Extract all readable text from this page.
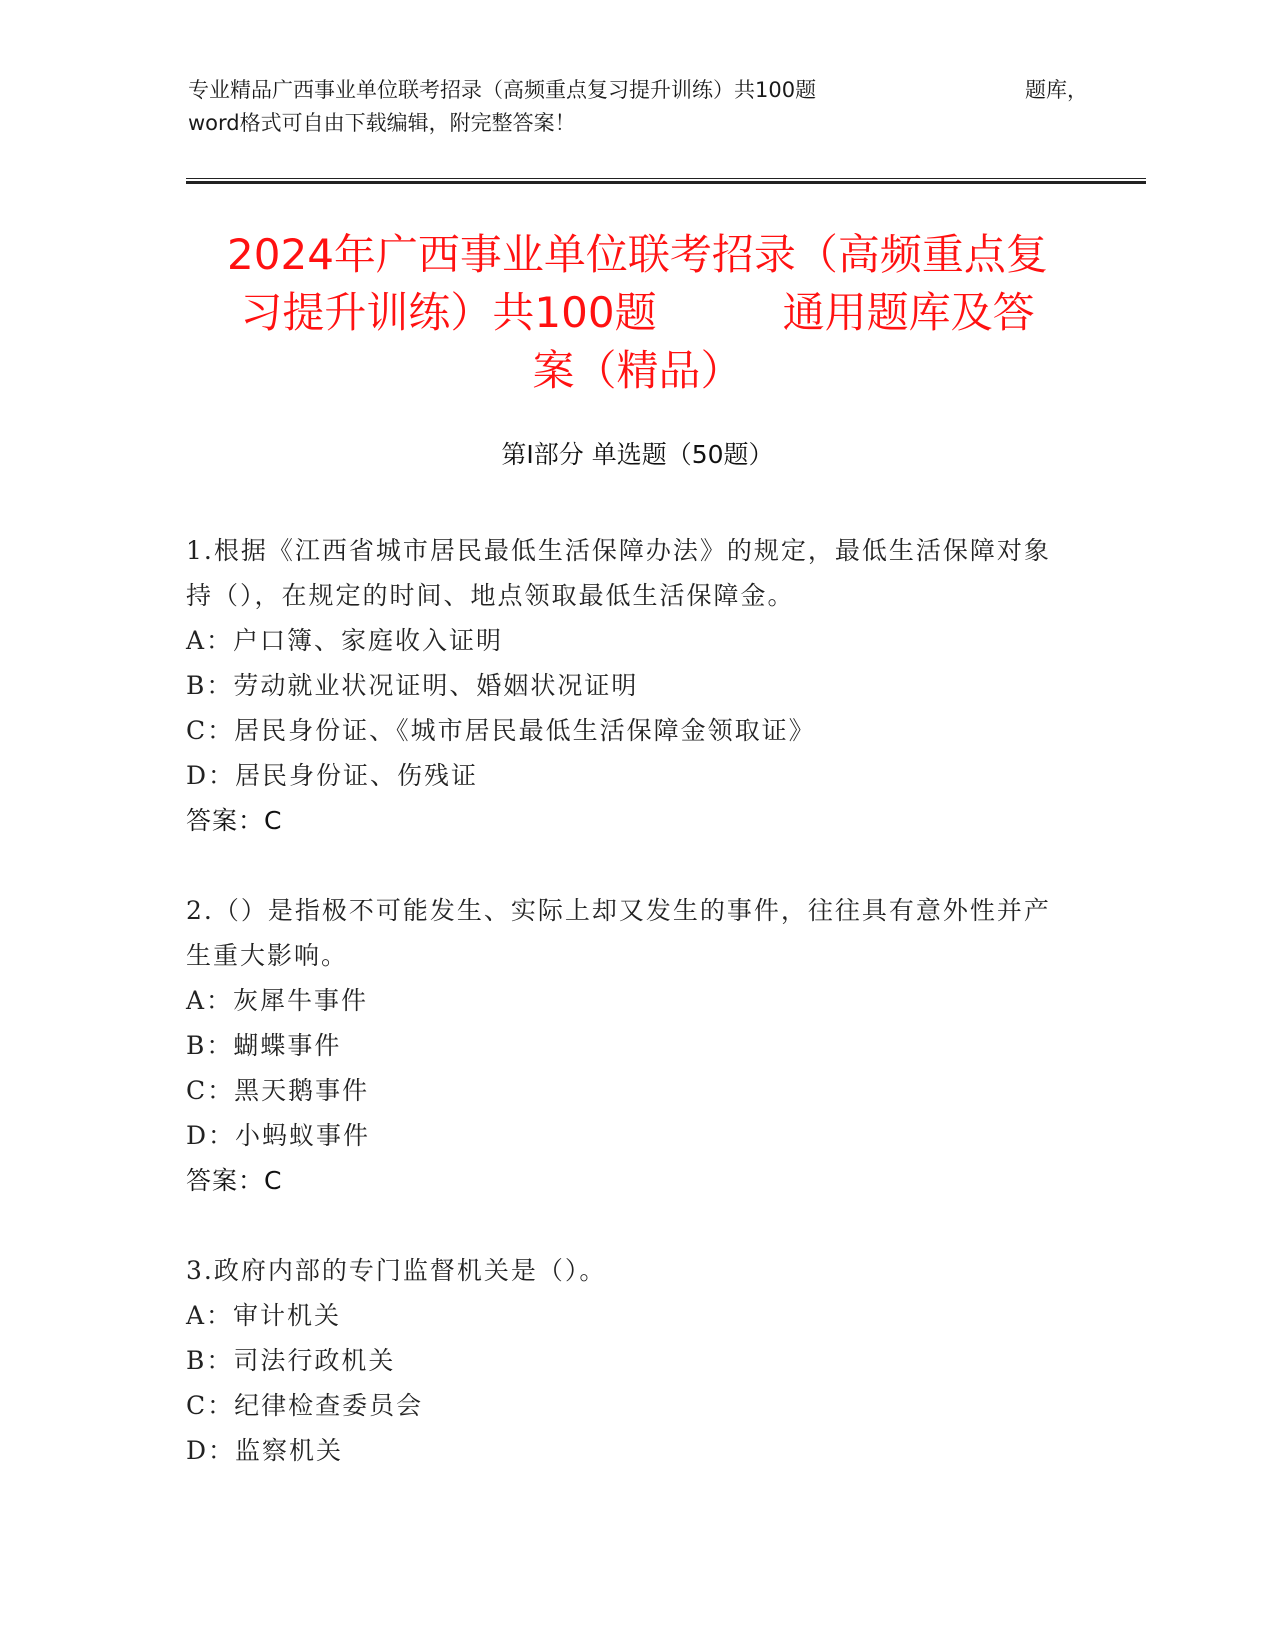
专业精品广西事业单位联考招录（高频重点复习提升训练）共100题	题库，
word格式可自由下载编辑，附完整答案！
2024年广西事业单位联考招录（高频重点复
习提升训练）共100题　　　通用题库及答
案（精品）
第Ⅰ部分 单选题（50题）
1.根据《江西省城市居民最低生活保障办法》的规定，最低生活保障对象持（），在规定的时间、地点领取最低生活保障金。
A：户口簿、家庭收入证明
B：劳动就业状况证明、婚姻状况证明
C：居民身份证、《城市居民最低生活保障金领取证》
D：居民身份证、伤残证
答案：C
2.（）是指极不可能发生、实际上却又发生的事件，往往具有意外性并产生重大影响。
A：灰犀牛事件
B：蝴蝶事件
C：黑天鹅事件
D：小蚂蚁事件
答案：C
3.政府内部的专门监督机关是（）。
A：审计机关
B：司法行政机关
C：纪律检查委员会
D：监察机关
